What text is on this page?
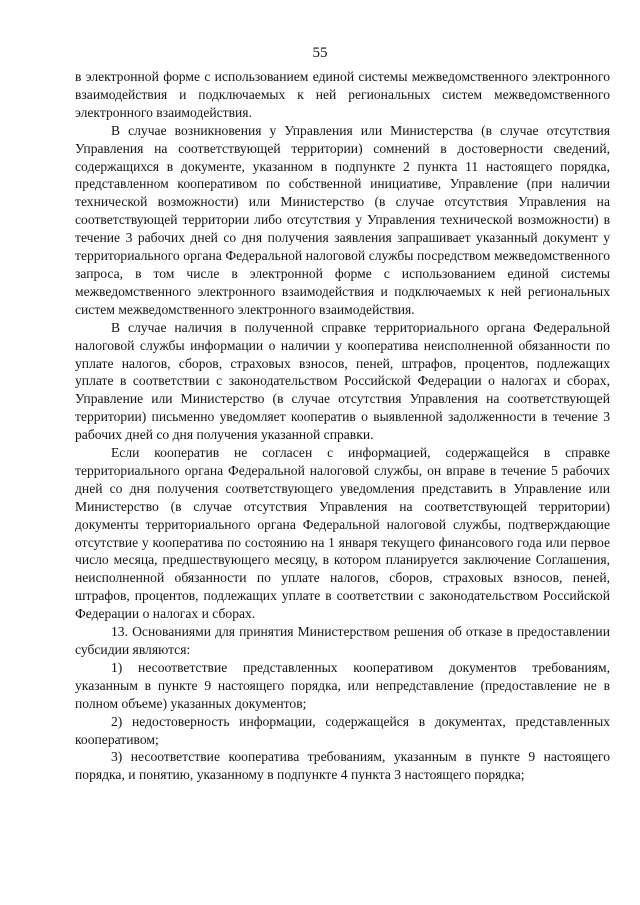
55

в электронной форме с использованием единой системы межведомственного электронного взаимодействия и подключаемых к ней региональных систем межведомственного электронного взаимодействия.

В случае возникновения у Управления или Министерства (в случае отсутствия Управления на соответствующей территории) сомнений в достоверности сведений, содержащихся в документе, указанном в подпункте 2 пункта 11 настоящего порядка, представленном кооперативом по собственной инициативе, Управление (при наличии технической возможности) или Министерство (в случае отсутствия Управления на соответствующей территории либо отсутствия у Управления технической возможности) в течение 3 рабочих дней со дня получения заявления запрашивает указанный документ у территориального органа Федеральной налоговой службы посредством межведомственного запроса, в том числе в электронной форме с использованием единой системы межведомственного электронного взаимодействия и подключаемых к ней региональных систем межведомственного электронного взаимодействия.

В случае наличия в полученной справке территориального органа Федеральной налоговой службы информации о наличии у кооператива неисполненной обязанности по уплате налогов, сборов, страховых взносов, пеней, штрафов, процентов, подлежащих уплате в соответствии с законодательством Российской Федерации о налогах и сборах, Управление или Министерство (в случае отсутствия Управления на соответствующей территории) письменно уведомляет кооператив о выявленной задолженности в течение 3 рабочих дней со дня получения указанной справки.

Если кооператив не согласен с информацией, содержащейся в справке территориального органа Федеральной налоговой службы, он вправе в течение 5 рабочих дней со дня получения соответствующего уведомления представить в Управление или Министерство (в случае отсутствия Управления на соответствующей территории) документы территориального органа Федеральной налоговой службы, подтверждающие отсутствие у кооператива по состоянию на 1 января текущего финансового года или первое число месяца, предшествующего месяцу, в котором планируется заключение Соглашения, неисполненной обязанности по уплате налогов, сборов, страховых взносов, пеней, штрафов, процентов, подлежащих уплате в соответствии с законодательством Российской Федерации о налогах и сборах.

13. Основаниями для принятия Министерством решения об отказе в предоставлении субсидии являются:

1) несоответствие представленных кооперативом документов требованиям, указанным в пункте 9 настоящего порядка, или непредставление (предоставление не в полном объеме) указанных документов;

2) недостоверность информации, содержащейся в документах, представленных кооперативом;

3) несоответствие кооператива требованиям, указанным в пункте 9 настоящего порядка, и понятию, указанному в подпункте 4 пункта 3 настоящего порядка;
